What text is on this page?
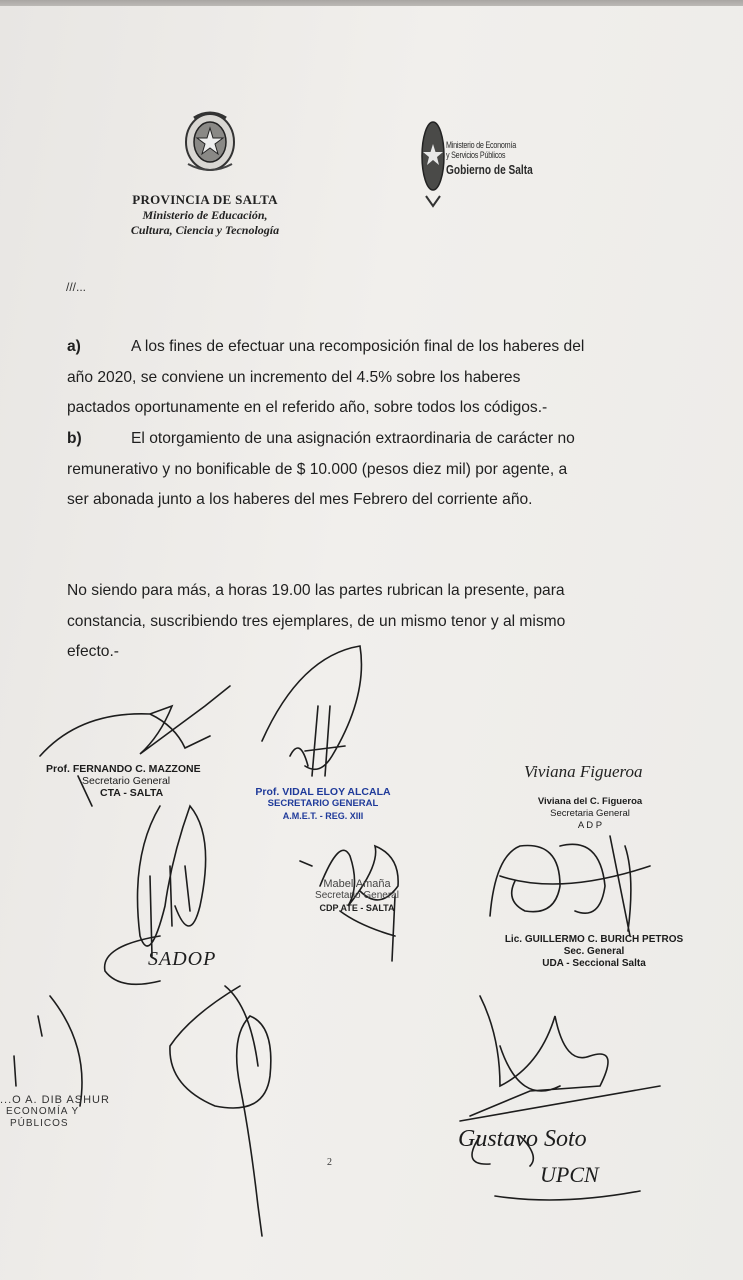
PROVINCIA DE SALTA
Ministerio de Educación,
Cultura, Ciencia y Tecnología
Ministerio de Economía
y Servicios Públicos
Gobierno de Salta
///...
a)	A los fines de efectuar una recomposición final de los haberes del
año 2020, se conviene un incremento del 4.5% sobre los haberes
pactados oportunamente en el referido año, sobre todos los códigos.-
b)	El otorgamiento de una asignación extraordinaria de carácter no
remunerativo y no bonificable de $ 10.000 (pesos diez mil) por agente, a
ser abonada junto a los haberes del mes Febrero del corriente año.
No siendo para más, a horas 19.00 las partes rubrican la presente, para
constancia, suscribiendo tres ejemplares, de un mismo tenor y al mismo
efecto.-
Prof. FERNANDO C. MAZZONE
Secretario General
CTA - SALTA	Prof. VIDAL ELOY ALCALA
SECRETARIO GENERAL
A.M.E.T. - REG. XIII
Viviana Figueroa
Viviana del C. Figueroa
Secretaria General
A D P
Mabel Amaña
Secretario General
CDP ATE - SALTA
SADOP
Lic. GUILLERMO C. BURICH PETROS
Sec. General
UDA - Seccional Salta
...O A. DIB ASHUR
ECONOMÍA Y
PÚBLICOS
Gustavo Soto
UPCN
2
